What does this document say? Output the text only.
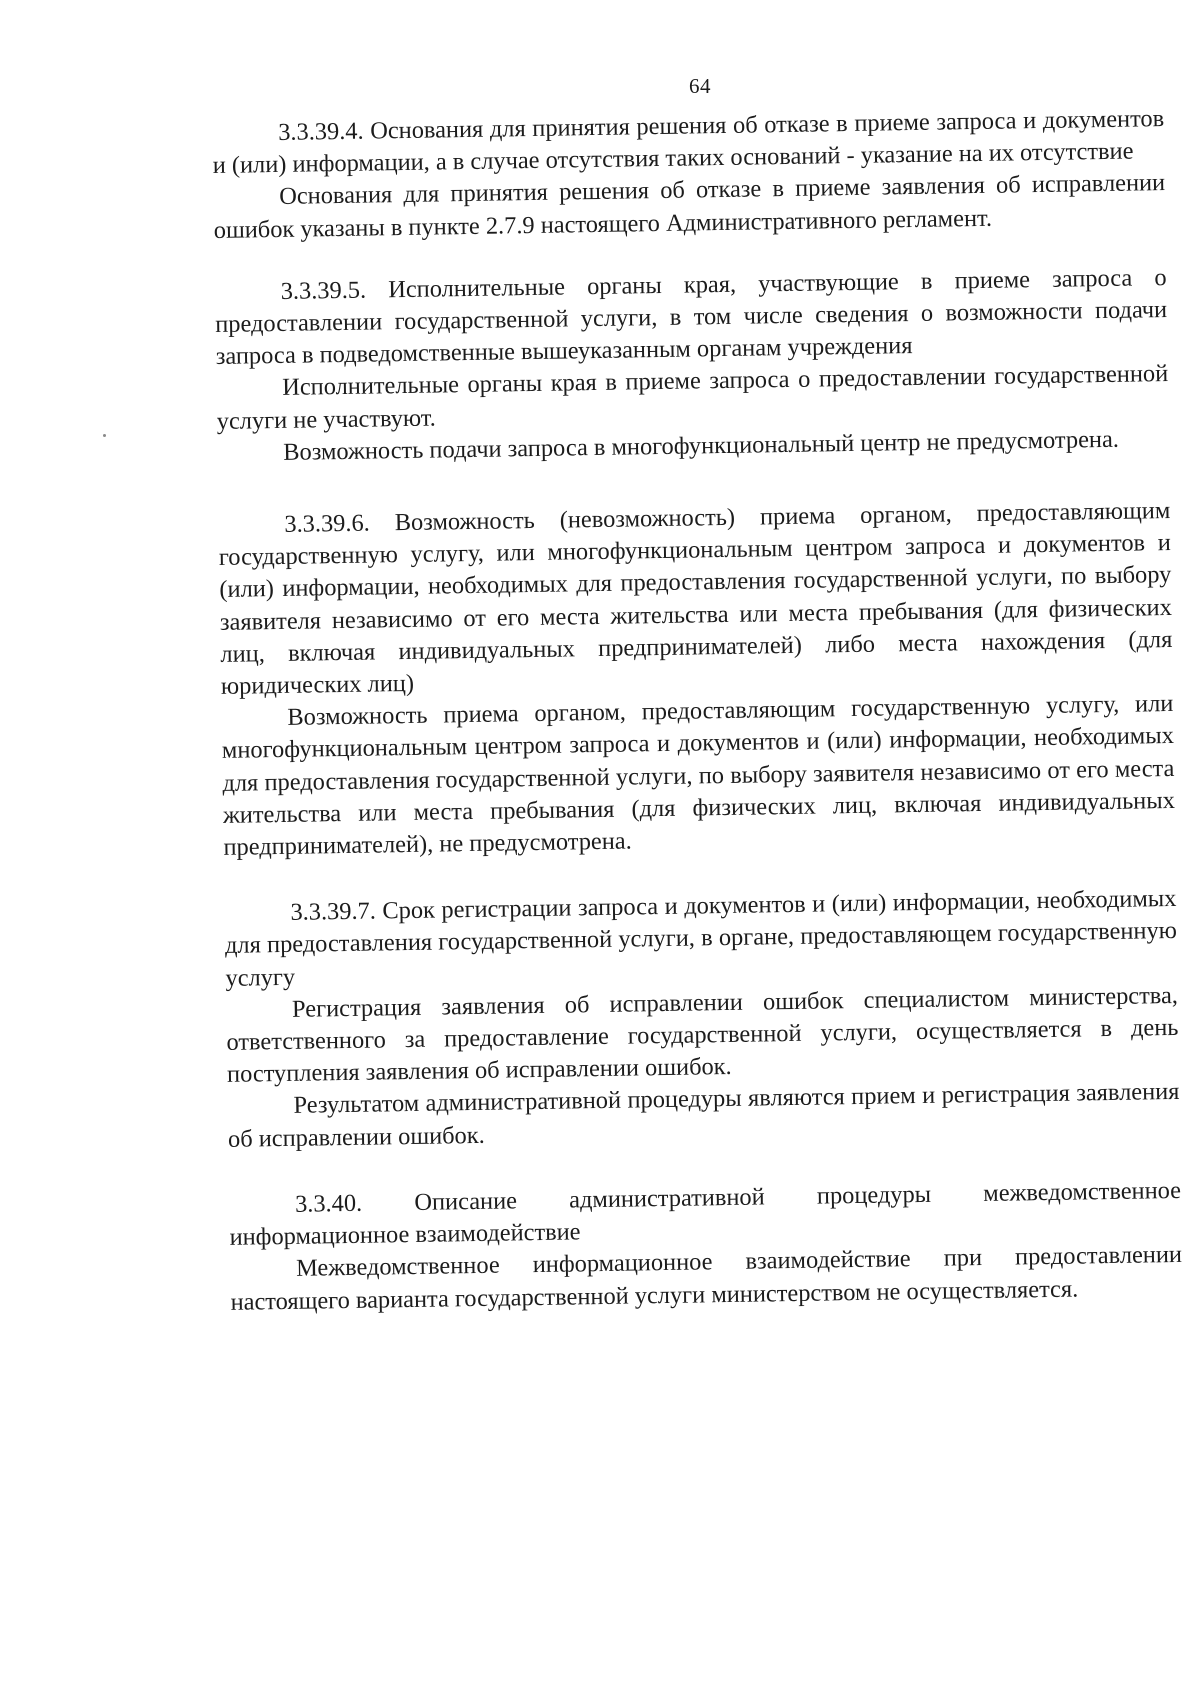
64

3.3.39.4. Основания для принятия решения об отказе в приеме запроса и документов и (или) информации, а в случае отсутствия таких оснований - указание на их отсутствие

Основания для принятия решения об отказе в приеме заявления об исправлении ошибок указаны в пункте 2.7.9 настоящего Административного регламент.

3.3.39.5. Исполнительные органы края, участвующие в приеме запроса о предоставлении государственной услуги, в том числе сведения о возможности подачи запроса в подведомственные вышеуказанным органам учреждения

Исполнительные органы края в приеме запроса о предоставлении государственной услуги не участвуют.

Возможность подачи запроса в многофункциональный центр не предусмотрена.

3.3.39.6. Возможность (невозможность) приема органом, предоставляющим государственную услугу, или многофункциональным центром запроса и документов и (или) информации, необходимых для предоставления государственной услуги, по выбору заявителя независимо от его места жительства или места пребывания (для физических лиц, включая индивидуальных предпринимателей) либо места нахождения (для юридических лиц)

Возможность приема органом, предоставляющим государственную услугу, или многофункциональным центром запроса и документов и (или) информации, необходимых для предоставления государственной услуги, по выбору заявителя независимо от его места жительства или места пребывания (для физических лиц, включая индивидуальных предпринимателей), не предусмотрена.

3.3.39.7. Срок регистрации запроса и документов и (или) информации, необходимых для предоставления государственной услуги, в органе, предоставляющем государственную услугу

Регистрация заявления об исправлении ошибок специалистом министерства, ответственного за предоставление государственной услуги, осуществляется в день поступления заявления об исправлении ошибок.

Результатом административной процедуры являются прием и регистрация заявления об исправлении ошибок.

3.3.40. Описание административной процедуры межведомственное информационное взаимодействие

Межведомственное информационное взаимодействие при предоставлении настоящего варианта государственной услуги министерством не осуществляется.
